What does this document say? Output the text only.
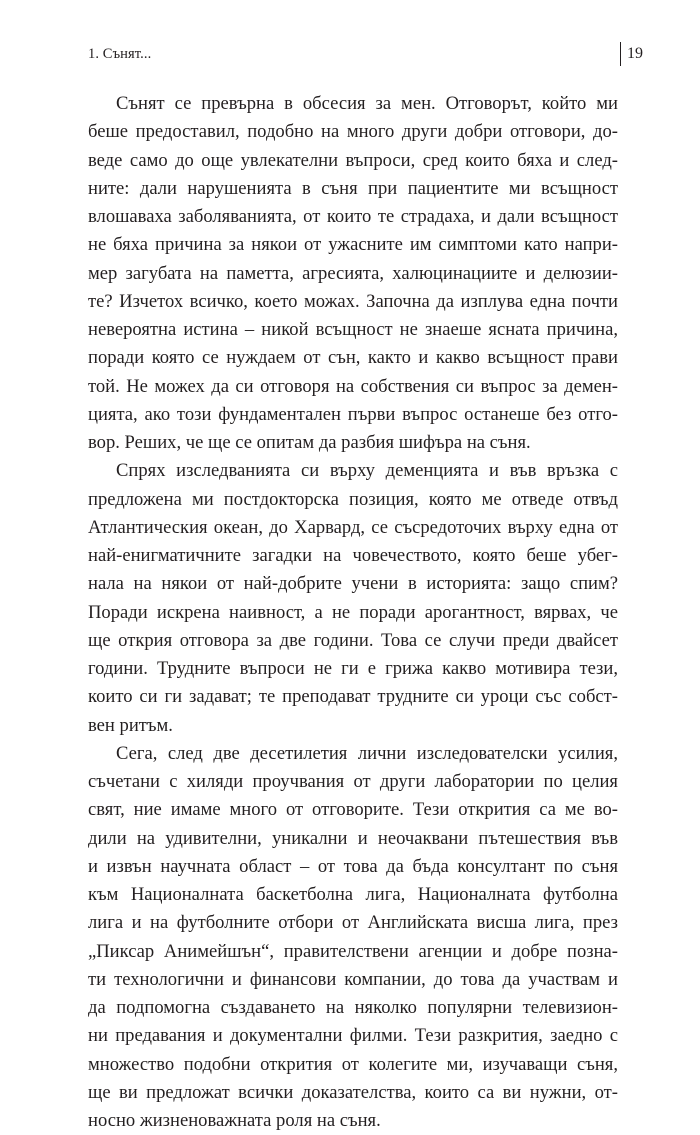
1. Сънят...	19
Сънят се превърна в обсесия за мен. Отговорът, който ми
беше предоставил, подобно на много други добри отговори, до-
веде само до още увлекателни въпроси, сред които бяха и след-
ните: дали нарушенията в съня при пациентите ми всъщност
влошаваха заболяванията, от които те страдаха, и дали всъщност
не бяха причина за някои от ужасните им симптоми като напри-
мер загубата на паметта, агресията, халюцинациите и делюзии-
те? Изчетох всичко, което можах. Започна да изплува една почти
невероятна истина – никой всъщност не знаеше ясната причина,
поради която се нуждаем от сън, както и какво всъщност прави
той. Не можех да си отговоря на собствения си въпрос за демен-
цията, ако този фундаментален първи въпрос останеше без отго-
вор. Реших, че ще се опитам да разбия шифъра на съня.
Спрях изследванията си върху деменцията и във връзка с
предложена ми постдокторска позиция, която ме отведе отвъд
Атлантическия океан, до Харвард, се съсредоточих върху една от
най-енигматичните загадки на човечеството, която беше убег-
нала на някои от най-добрите учени в историята: защо спим?
Поради искрена наивност, а не поради арогантност, вярвах, че
ще открия отговора за две години. Това се случи преди двайсет
години. Трудните въпроси не ги е грижа какво мотивира тези,
които си ги задават; те преподават трудните си уроци със собст-
вен ритъм.
Сега, след две десетилетия лични изследователски усилия,
съчетани с хиляди проучвания от други лаборатории по целия
свят, ние имаме много от отговорите. Тези открития са ме во-
дили на удивителни, уникални и неочаквани пътешествия във
и извън научната област – от това да бъда консултант по съня
към Националната баскетболна лига, Националната футболна
лига и на футболните отбори от Английската висша лига, през
„Пиксар Анимейшън“, правителствени агенции и добре позна-
ти технологични и финансови компании, до това да участвам и
да подпомогна създаването на няколко популярни телевизион-
ни предавания и документални филми. Тези разкрития, заедно с
множество подобни открития от колегите ми, изучаващи съня,
ще ви предложат всички доказателства, които са ви нужни, от-
носно жизненоважната роля на съня.
